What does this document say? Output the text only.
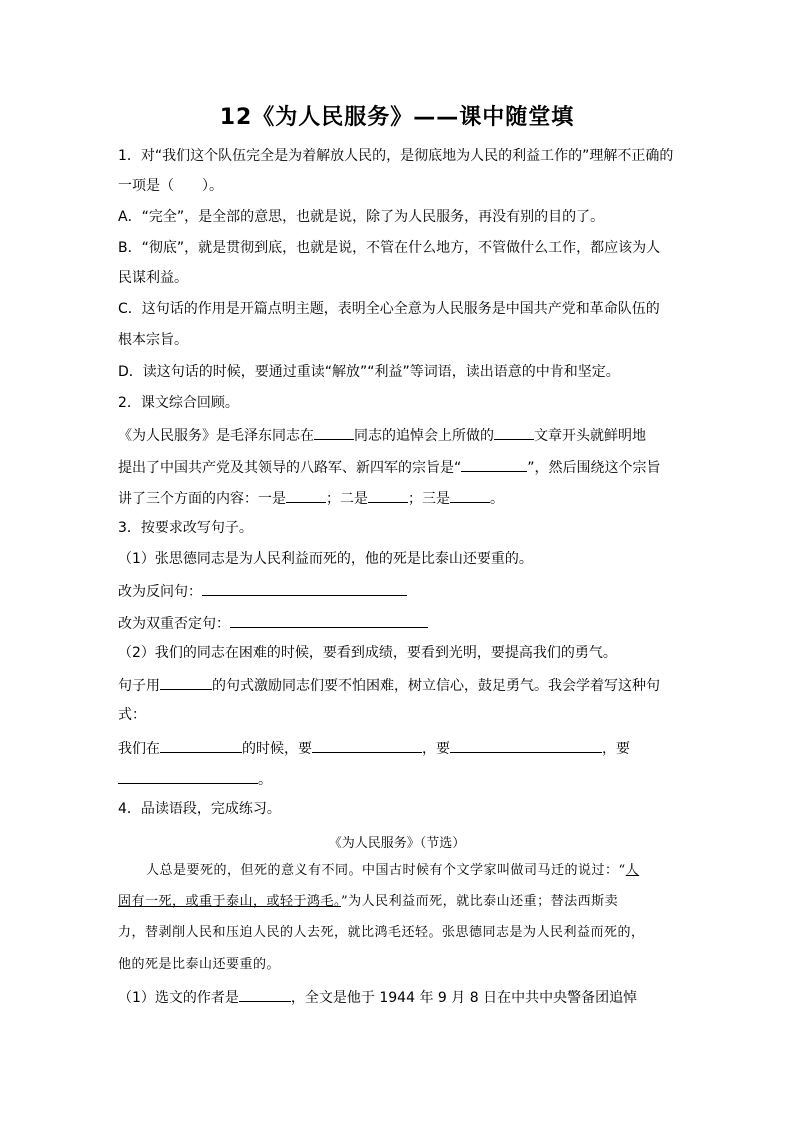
12《为人民服务》——课中随堂填
1．对“我们这个队伍完全是为着解放人民的，是彻底地为人民的利益工作的”理解不正确的
一项是（　　）。
A．“完全”，是全部的意思，也就是说，除了为人民服务，再没有别的目的了。
B．“彻底”，就是贯彻到底，也就是说，不管在什么地方，不管做什么工作，都应该为人
民谋利益。
C．这句话的作用是开篇点明主题，表明全心全意为人民服务是中国共产党和革命队伍的
根本宗旨。
D．读这句话的时候，要通过重读“解放”“利益”等词语，读出语意的中肯和坚定。
2．课文综合回顾。
《为人民服务》是毛泽东同志在	同志的追悼会上所做的	文章开头就鲜明地
提出了中国共产党及其领导的八路军、新四军的宗旨是“	”，然后围绕这个宗旨
讲了三个方面的内容：一是	；二是	；三是	。
3．按要求改写句子。
（1）张思德同志是为人民利益而死的，他的死是比泰山还要重的。
改为反问句：
改为双重否定句：
（2）我们的同志在困难的时候，要看到成绩，要看到光明，要提高我们的勇气。
句子用	的句式激励同志们要不怕困难，树立信心，鼓足勇气。我会学着写这种句
式：
我们在	的时候，要	，要	，要
。
4．品读语段，完成练习。
《为人民服务》（节选）
人总是要死的，但死的意义有不同。中国古时候有个文学家叫做司马迁的说过：“人
固有一死，或重于泰山，或轻于鸿毛。”为人民利益而死，就比泰山还重；替法西斯卖
力，替剥削人民和压迫人民的人去死，就比鸿毛还轻。张思德同志是为人民利益而死的，
他的死是比泰山还要重的。
（1）选文的作者是	，全文是他于 1944 年 9 月 8 日在中共中央警备团追悼
